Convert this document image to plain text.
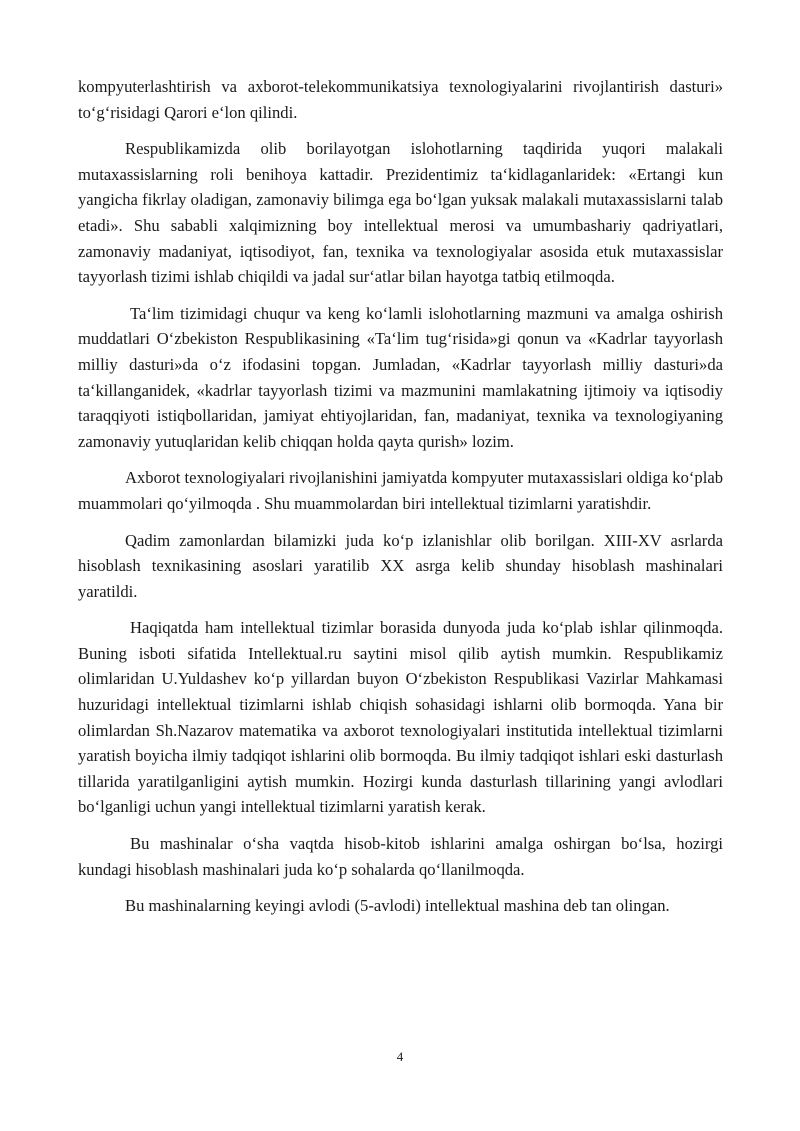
kompyuterlashtirish va axborot-telekommunikatsiya texnologiyalarini rivojlantirish dasturi» to‘g‘risidagi Qarori e‘lon qilindi.

Respublikamizda olib borilayotgan islohotlarning taqdirida yuqori malakali mutaxassislarning roli benihoya kattadir. Prezidentimiz ta‘kidlaganlaridek: «Ertangi kun yangicha fikrlay oladigan, zamonaviy bilimga ega bo‘lgan yuksak malakali mutaxassislarni talab etadi». Shu sababli xalqimizning boy intellektual merosi va umumbashariy qadriyatlari, zamonaviy madaniyat, iqtisodiyot, fan, texnika va texnologiyalar asosida etuk mutaxassislar tayyorlash tizimi ishlab chiqildi va jadal sur‘atlar bilan hayotga tatbiq etilmoqda.

Ta‘lim tizimidagi chuqur va keng ko‘lamli islohotlarning mazmuni va amalga oshirish muddatlari O‘zbekiston Respublikasining «Ta‘lim tug‘risida»gi qonun va «Kadrlar tayyorlash milliy dasturi»da o‘z ifodasini topgan. Jumladan, «Kadrlar tayyorlash milliy dasturi»da ta‘killanganidek, «kadrlar tayyorlash tizimi va mazmunini mamlakatning ijtimoiy va iqtisodiy taraqqiyoti istiqbollaridan, jamiyat ehtiyojlaridan, fan, madaniyat, texnika va texnologiyaning zamonaviy yutuqlaridan kelib chiqqan holda qayta qurish» lozim.

Axborot texnologiyalari rivojlanishini jamiyatda kompyuter mutaxassislari oldiga ko‘plab muammolari qo‘yilmoqda . Shu muammolardan biri intellektual tizimlarni yaratishdir.

Qadim zamonlardan bilamizki juda ko‘p izlanishlar olib borilgan. XIII-XV asrlarda hisoblash texnikasining asoslari yaratilib XX asrga kelib shunday hisoblash mashinalari yaratildi.

Haqiqatda ham intellektual tizimlar borasida dunyoda juda ko‘plab ishlar qilinmoqda. Buning isboti sifatida Intellektual.ru saytini misol qilib aytish mumkin. Respublikamiz olimlaridan U.Yuldashev ko‘p yillardan buyon O‘zbekiston Respublikasi Vazirlar Mahkamasi huzuridagi intellektual tizimlarni ishlab chiqish sohasidagi ishlarni olib bormoqda. Yana bir olimlardan Sh.Nazarov matematika va axborot texnologiyalari institutida intellektual tizimlarni yaratish boyicha ilmiy tadqiqot ishlarini olib bormoqda. Bu ilmiy tadqiqot ishlari eski dasturlash tillarida yaratilganligini aytish mumkin. Hozirgi kunda dasturlash tillarining yangi avlodlari bo‘lganligi uchun yangi intellektual tizimlarni yaratish kerak.

Bu mashinalar o‘sha vaqtda hisob-kitob ishlarini amalga oshirgan bo‘lsa, hozirgi kundagi hisoblash mashinalari juda ko‘p sohalarda qo‘llanilmoqda.

Bu mashinalarning keyingi avlodi (5-avlodi) intellektual mashina deb tan olingan.

4
